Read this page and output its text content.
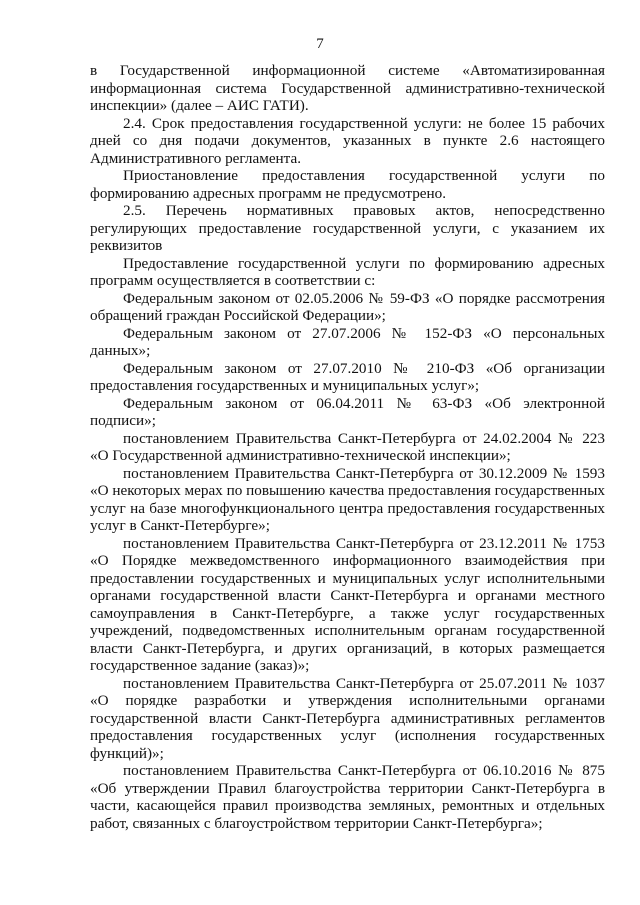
7

в Государственной информационной системе «Автоматизированная информационная система Государственной административно-технической инспекции» (далее – АИС ГАТИ).

2.4. Срок предоставления государственной услуги: не более 15 рабочих дней со дня подачи документов, указанных в пункте 2.6 настоящего Административного регламента.

Приостановление предоставления государственной услуги по формированию адресных программ не предусмотрено.

2.5. Перечень нормативных правовых актов, непосредственно регулирующих предоставление государственной услуги, с указанием их реквизитов

Предоставление государственной услуги по формированию адресных программ осуществляется в соответствии с:

Федеральным законом от 02.05.2006 № 59-ФЗ «О порядке рассмотрения обращений граждан Российской Федерации»;

Федеральным законом от 27.07.2006 № 152-ФЗ «О персональных данных»;

Федеральным законом от 27.07.2010 № 210-ФЗ «Об организации предоставления государственных и муниципальных услуг»;

Федеральным законом от 06.04.2011 № 63-ФЗ «Об электронной подписи»;

постановлением Правительства Санкт-Петербурга от 24.02.2004 № 223 «О Государственной административно-технической инспекции»;

постановлением Правительства Санкт-Петербурга от 30.12.2009 № 1593 «О некоторых мерах по повышению качества предоставления государственных услуг на базе многофункционального центра предоставления государственных услуг в Санкт-Петербурге»;

постановлением Правительства Санкт-Петербурга от 23.12.2011 № 1753 «О Порядке межведомственного информационного взаимодействия при предоставлении государственных и муниципальных услуг исполнительными органами государственной власти Санкт-Петербурга и органами местного самоуправления в Санкт-Петербурге, а также услуг государственных учреждений, подведомственных исполнительным органам государственной власти Санкт-Петербурга, и других организаций, в которых размещается государственное задание (заказ)»;

постановлением Правительства Санкт-Петербурга от 25.07.2011 № 1037 «О порядке разработки и утверждения исполнительными органами государственной власти Санкт-Петербурга административных регламентов предоставления государственных услуг (исполнения государственных функций)»;

постановлением Правительства Санкт-Петербурга от 06.10.2016 № 875 «Об утверждении Правил благоустройства территории Санкт-Петербурга в части, касающейся правил производства земляных, ремонтных и отдельных работ, связанных с благоустройством территории Санкт-Петербурга»;
